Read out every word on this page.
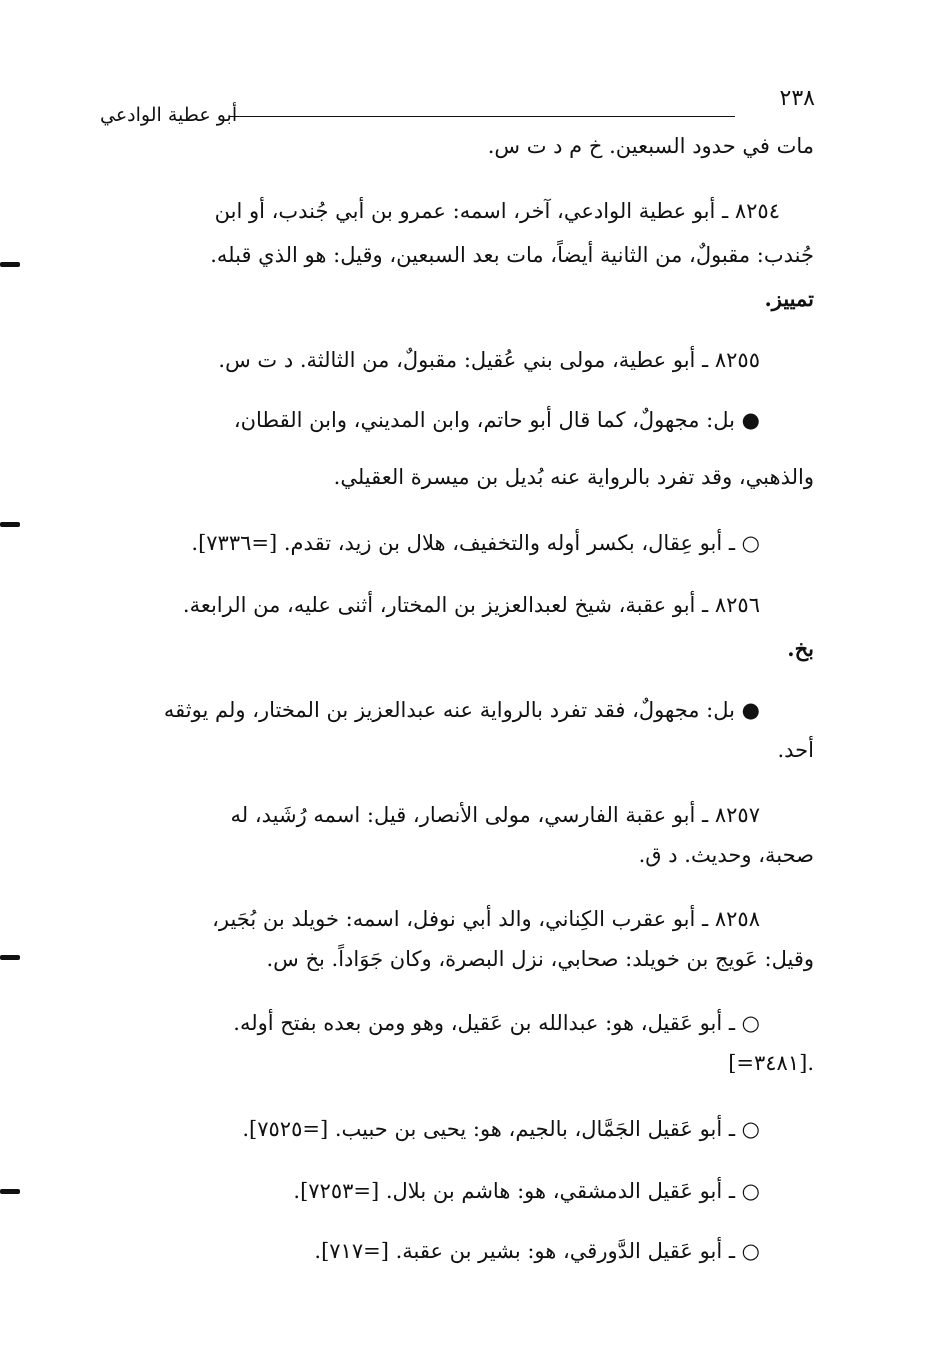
٢٣٨
أبو عطية الوادعي
مات في حدود السبعين. خ م د ت س.
٨٢٥٤ ـ أبو عطية الوادعي، آخر، اسمه: عمرو بن أبي جُندب، أو ابن
جُندب: مقبولٌ، من الثانية أيضاً، مات بعد السبعين، وقيل: هو الذي قبله.
تمييز.
٨٢٥٥ ـ أبو عطية، مولى بني عُقيل: مقبولٌ، من الثالثة. د ت س.
● بل: مجهولٌ، كما قال أبو حاتم، وابن المديني، وابن القطان،
والذهبي، وقد تفرد بالرواية عنه بُديل بن ميسرة العقيلي.
○ ـ أبو عِقال، بكسر أوله والتخفيف، هلال بن زيد، تقدم. [=٧٣٣٦].
٨٢٥٦ ـ أبو عقبة، شيخ لعبدالعزيز بن المختار، أثنى عليه، من الرابعة.
بخ.
● بل: مجهولٌ، فقد تفرد بالرواية عنه عبدالعزيز بن المختار، ولم يوثقه
أحد.
٨٢٥٧ ـ أبو عقبة الفارسي، مولى الأنصار، قيل: اسمه رُشَيد، له
صحبة، وحديث. د ق.
٨٢٥٨ ـ أبو عقرب الكِناني، والد أبي نوفل، اسمه: خويلد بن بُجَير،
وقيل: عَويج بن خويلد: صحابي، نزل البصرة، وكان جَوَاداً. بخ س.
○ ـ أبو عَقيل، هو: عبدالله بن عَقيل، وهو ومن بعده بفتح أوله.
[=٣٤٨١].
○ ـ أبو عَقيل الجَمَّال، بالجيم، هو: يحيى بن حبيب. [=٧٥٢٥].
○ ـ أبو عَقيل الدمشقي، هو: هاشم بن بلال. [=٧٢٥٣].
○ ـ أبو عَقيل الدَّورقي، هو: بشير بن عقبة. [=٧١٧].
